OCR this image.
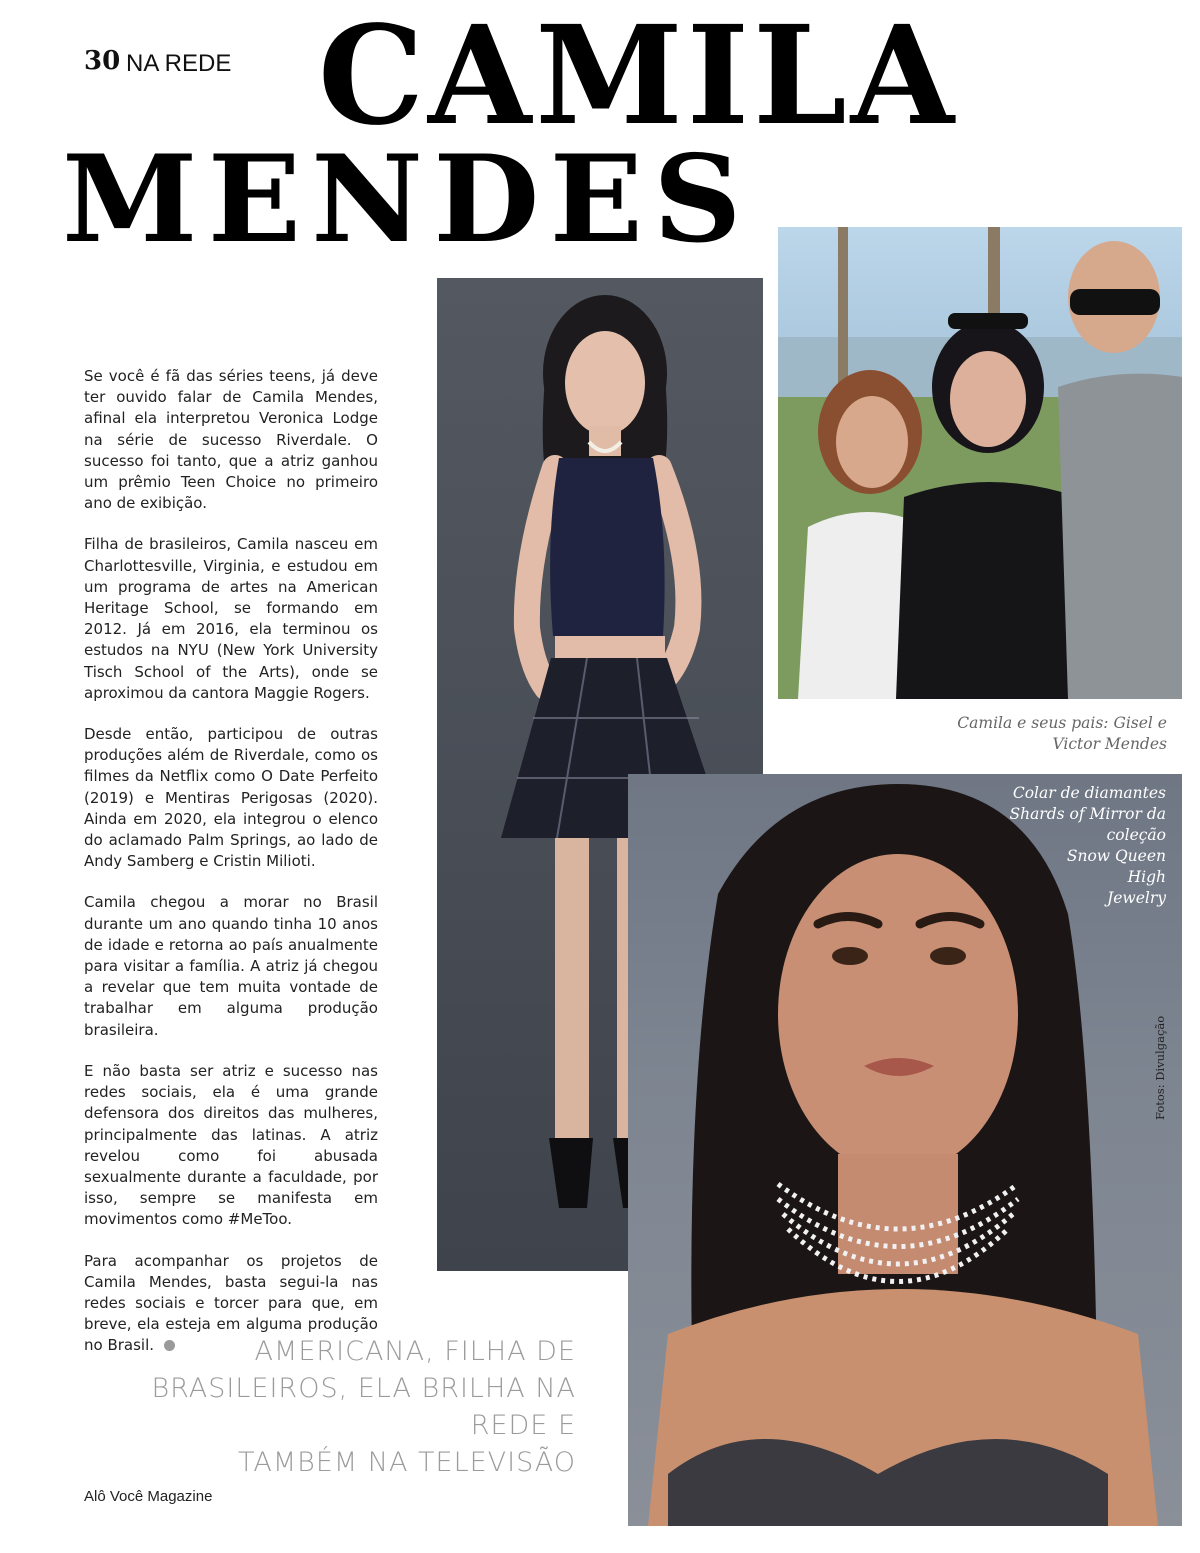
30 NA REDE CAMILA
MENDES
Camila e seus pais: Gisel e Victor Mendes
Colar de diamantes
Shards of Mirror da
coleção
Snow Queen
High
Jewelry
Fotos: Divulgação

Se você é fã das séries teens, já deve ter ouvido falar de Camila Mendes, afinal ela interpretou Veronica Lodge na série de sucesso Riverdale. O sucesso foi tanto, que a atriz ganhou um prêmio Teen Choice no primeiro ano de exibição.

Filha de brasileiros, Camila nasceu em Charlottesville, Virginia, e estudou em um programa de artes na American Heritage School, se formando em 2012. Já em 2016, ela terminou os estudos na NYU (New York University Tisch School of the Arts), onde se aproximou da cantora Maggie Rogers.

Desde então, participou de outras produções além de Riverdale, como os filmes da Netflix como O Date Perfeito (2019) e Mentiras Perigosas (2020). Ainda em 2020, ela integrou o elenco do aclamado Palm Springs, ao lado de Andy Samberg e Cristin Milioti.

Camila chegou a morar no Brasil durante um ano quando tinha 10 anos de idade e retorna ao país anualmente para visitar a família. A atriz já chegou a revelar que tem muita vontade de trabalhar em alguma produção brasileira.

E não basta ser atriz e sucesso nas redes sociais, ela é uma grande defensora dos direitos das mulheres, principalmente das latinas. A atriz revelou como foi abusada sexualmente durante a faculdade, por isso, sempre se manifesta em movimentos como #MeToo.

Para acompanhar os projetos de Camila Mendes, basta segui-la nas redes sociais e torcer para que, em breve, ela esteja em alguma produção no Brasil.	AMERICANA, FILHA DE
BRASILEIROS, ELA BRILHA NA REDE E
TAMBÉM NA TELEVISÃO
Alô Você Magazine
